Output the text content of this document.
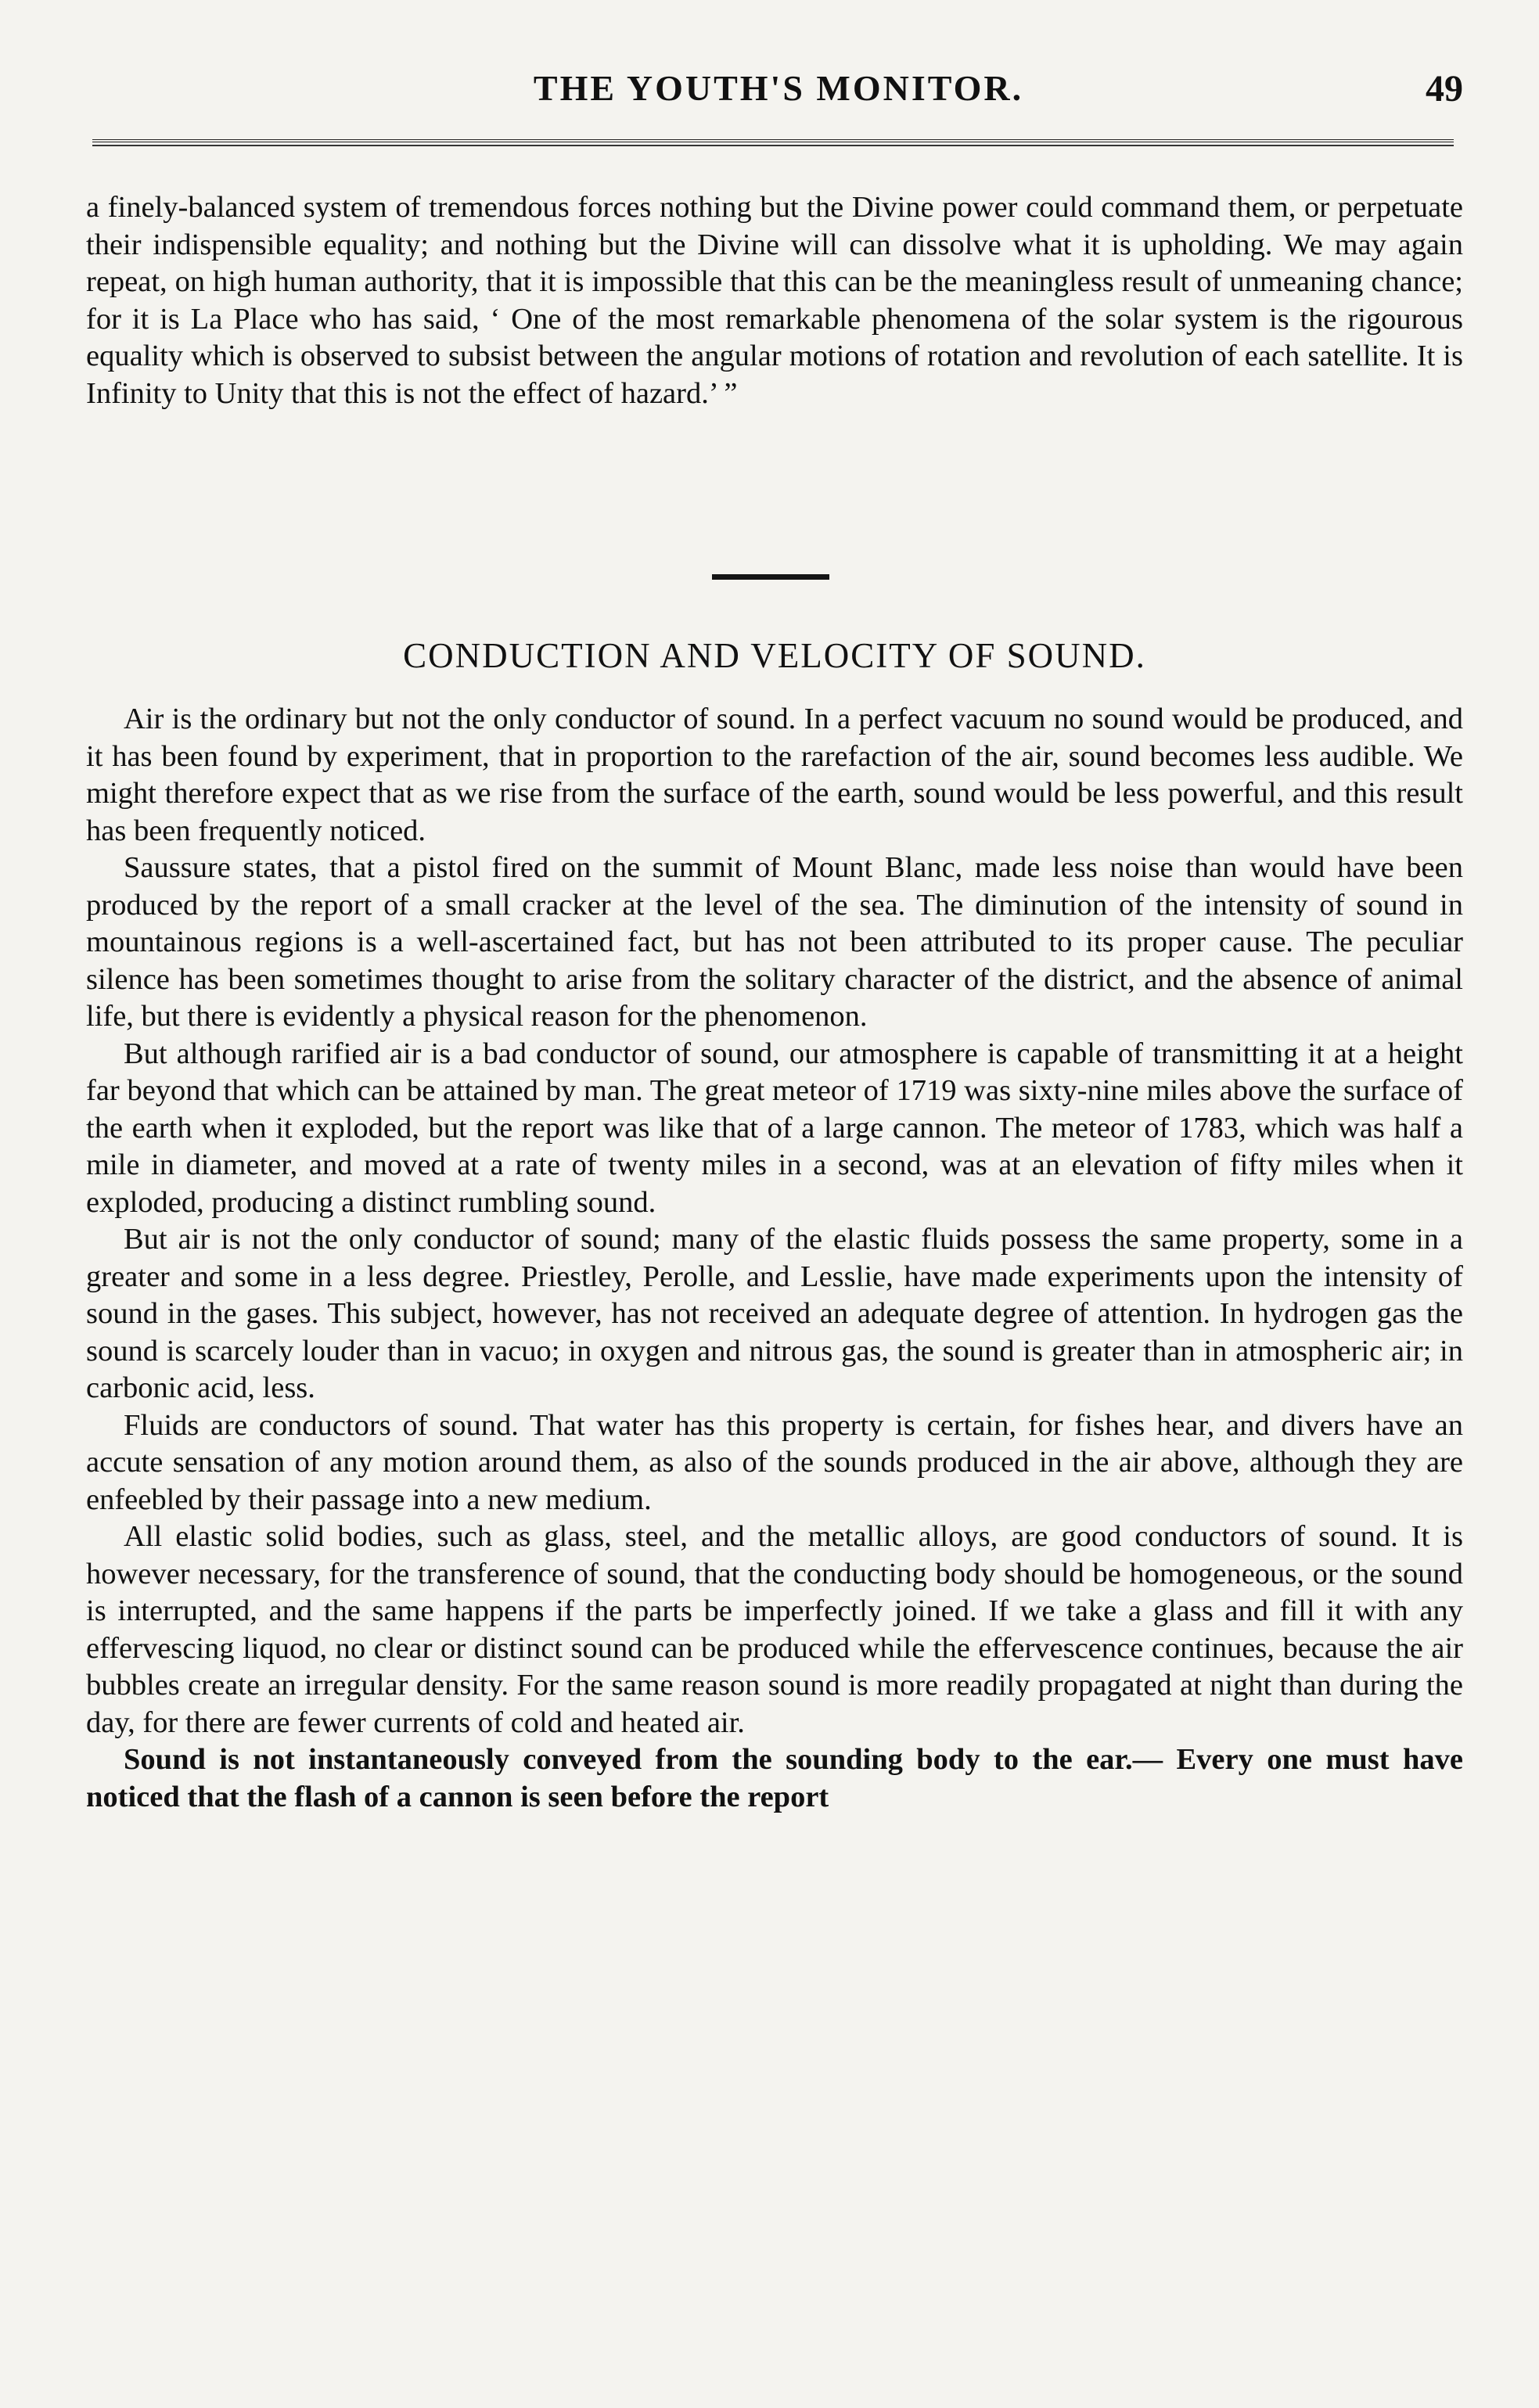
THE YOUTH'S MONITOR.	49

a finely-balanced system of tremendous forces nothing but the Divine power could command them, or perpetuate their indispensible equality; and nothing but the Divine will can dissolve what it is upholding. We may again repeat, on high human authority, that it is impossible that this can be the meaningless result of unmeaning chance; for it is La Place who has said, ‘ One of the most remarkable phenomena of the solar system is the rigourous equality which is observed to subsist between the angular motions of rotation and revolution of each satellite. It is Infinity to Unity that this is not the effect of hazard.’ ”

CONDUCTION AND VELOCITY OF SOUND.

Air is the ordinary but not the only conductor of sound. In a perfect vacuum no sound would be produced, and it has been found by experiment, that in proportion to the rarefaction of the air, sound becomes less audible. We might therefore expect that as we rise from the surface of the earth, sound would be less powerful, and this result has been frequently noticed.

Saussure states, that a pistol fired on the summit of Mount Blanc, made less noise than would have been produced by the report of a small cracker at the level of the sea. The diminution of the intensity of sound in mountainous regions is a well-ascertained fact, but has not been attributed to its proper cause. The peculiar silence has been sometimes thought to arise from the solitary character of the district, and the absence of animal life, but there is evidently a physical reason for the phenomenon.

But although rarified air is a bad conductor of sound, our atmosphere is capable of transmitting it at a height far beyond that which can be attained by man. The great meteor of 1719 was sixty-nine miles above the surface of the earth when it exploded, but the report was like that of a large cannon. The meteor of 1783, which was half a mile in diameter, and moved at a rate of twenty miles in a second, was at an elevation of fifty miles when it exploded, producing a distinct rumbling sound.

But air is not the only conductor of sound; many of the elastic fluids possess the same property, some in a greater and some in a less degree. Priestley, Perolle, and Lesslie, have made experiments upon the intensity of sound in the gases. This subject, however, has not received an adequate degree of attention. In hydrogen gas the sound is scarcely louder than in vacuo; in oxygen and nitrous gas, the sound is greater than in atmospheric air; in carbonic acid, less.

Fluids are conductors of sound. That water has this property is certain, for fishes hear, and divers have an accute sensation of any motion around them, as also of the sounds produced in the air above, although they are enfeebled by their passage into a new medium.

All elastic solid bodies, such as glass, steel, and the metallic alloys, are good conductors of sound. It is however necessary, for the transference of sound, that the conducting body should be homogeneous, or the sound is interrupted, and the same happens if the parts be imperfectly joined. If we take a glass and fill it with any effervescing liquod, no clear or distinct sound can be produced while the effervescence continues, because the air bubbles create an irregular density. For the same reason sound is more readily propagated at night than during the day, for there are fewer currents of cold and heated air.

Sound is not instantaneously conveyed from the sounding body to the ear.— Every one must have noticed that the flash of a cannon is seen before the report
